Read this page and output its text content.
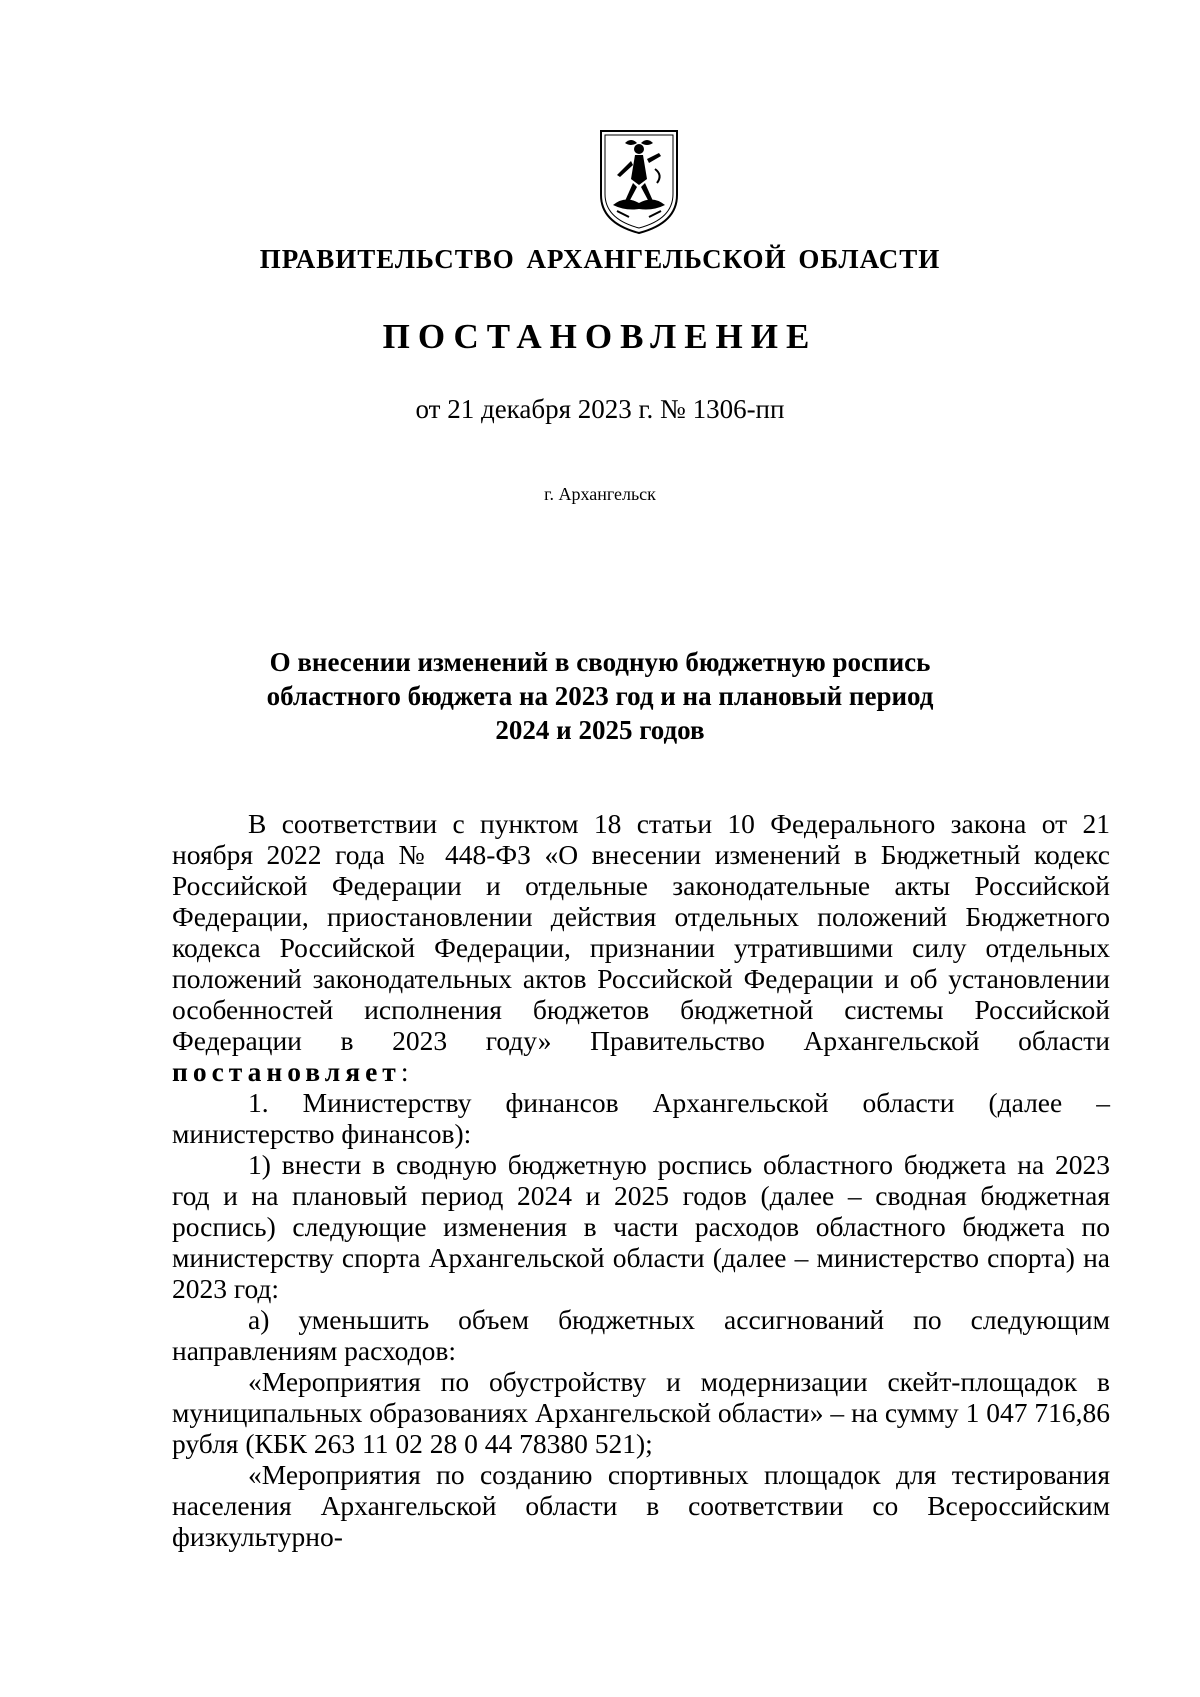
ПРАВИТЕЛЬСТВО АРХАНГЕЛЬСКОЙ ОБЛАСТИ
ПОСТАНОВЛЕНИЕ
от 21 декабря 2023 г. № 1306-пп
г. Архангельск
О внесении изменений в сводную бюджетную роспись
областного бюджета на 2023 год и на плановый период
2024 и 2025 годов

В соответствии с пунктом 18 статьи 10 Федерального закона от 21 ноября 2022 года № 448-ФЗ «О внесении изменений в Бюджетный кодекс Российской Федерации и отдельные законодательные акты Российской Федерации, приостановлении действия отдельных положений Бюджетного кодекса Российской Федерации, признании утратившими силу отдельных положений законодательных актов Российской Федерации и об установлении особенностей исполнения бюджетов бюджетной системы Российской Федерации в 2023 году» Правительство Архангельской области постановляет:

1. Министерству финансов Архангельской области (далее – министерство финансов):

1) внести в сводную бюджетную роспись областного бюджета на 2023 год и на плановый период 2024 и 2025 годов (далее – сводная бюджетная роспись) следующие изменения в части расходов областного бюджета по министерству спорта Архангельской области (далее – министерство спорта) на 2023 год:

а) уменьшить объем бюджетных ассигнований по следующим направлениям расходов:

«Мероприятия по обустройству и модернизации скейт-площадок в муниципальных образованиях Архангельской области» – на сумму 1 047 716,86 рубля (КБК 263 11 02 28 0 44 78380 521);

«Мероприятия по созданию спортивных площадок для тестирования населения Архангельской области в соответствии со Всероссийским физкультурно-
